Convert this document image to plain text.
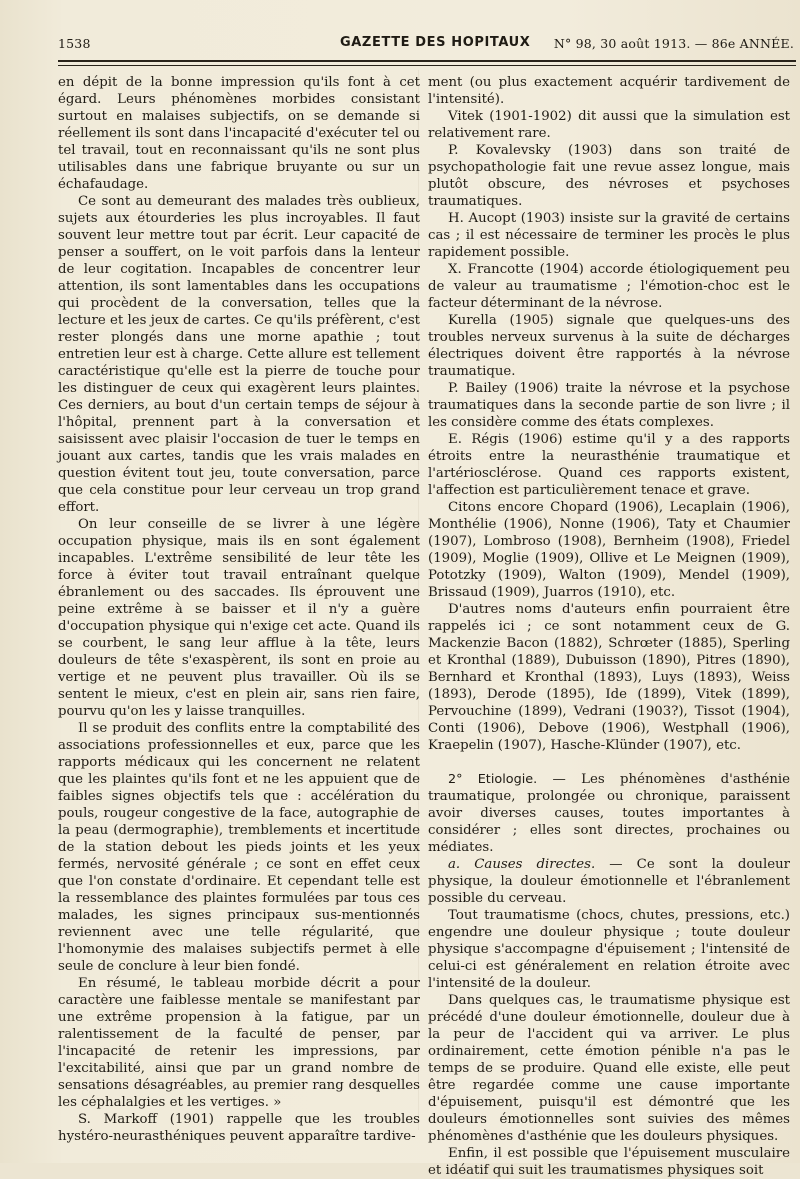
1538	GAZETTE DES HOPITAUX N° 98, 30 août 1913. — 86e ANNÉE.

en dépit de la bonne impression qu'ils font à cet égard. Leurs phénomènes morbides consistant surtout en malaises subjectifs, on se demande si réellement ils sont dans l'incapacité d'exécuter tel ou tel travail, tout en reconnaissant qu'ils ne sont plus utilisables dans une fabrique bruyante ou sur un échafaudage.

Ce sont au demeurant des malades très oublieux, sujets aux étourderies les plus incroyables. Il faut souvent leur mettre tout par écrit. Leur capacité de penser a souffert, on le voit parfois dans la lenteur de leur cogitation. Incapables de concentrer leur attention, ils sont lamentables dans les occupations qui procèdent de la conversation, telles que la lecture et les jeux de cartes. Ce qu'ils préfèrent, c'est rester plongés dans une morne apathie ; tout entretien leur est à charge. Cette allure est tellement caractéristique qu'elle est la pierre de touche pour les distinguer de ceux qui exagèrent leurs plaintes. Ces derniers, au bout d'un certain temps de séjour à l'hôpital, prennent part à la conversation et saisissent avec plaisir l'occasion de tuer le temps en jouant aux cartes, tandis que les vrais malades en question évitent tout jeu, toute conversation, parce que cela constitue pour leur cerveau un trop grand effort.

On leur conseille de se livrer à une légère occupation physique, mais ils en sont également incapables. L'extrême sensibilité de leur tête les force à éviter tout travail entraînant quelque ébranlement ou des saccades. Ils éprouvent une peine extrême à se baisser et il n'y a guère d'occupation physique qui n'exige cet acte. Quand ils se courbent, le sang leur afflue à la tête, leurs douleurs de tête s'exaspèrent, ils sont en proie au vertige et ne peuvent plus travailler. Où ils se sentent le mieux, c'est en plein air, sans rien faire, pourvu qu'on les y laisse tranquilles.

Il se produit des conflits entre la comptabilité des associations professionnelles et eux, parce que les rapports médicaux qui les concernent ne relatent que les plaintes qu'ils font et ne les appuient que de faibles signes objectifs tels que : accélération du pouls, rougeur congestive de la face, autographie de la peau (dermographie), tremblements et incertitude de la station debout les pieds joints et les yeux fermés, nervosité générale ; ce sont en effet ceux que l'on constate d'ordinaire. Et cependant telle est la ressemblance des plaintes formulées par tous ces malades, les signes principaux sus-mentionnés reviennent avec une telle régularité, que l'homonymie des malaises subjectifs permet à elle seule de conclure à leur bien fondé.

En résumé, le tableau morbide décrit a pour caractère une faiblesse mentale se manifestant par une extrême propension à la fatigue, par un ralentissement de la faculté de penser, par l'incapacité de retenir les impressions, par l'excitabilité, ainsi que par un grand nombre de sensations désagréables, au premier rang desquelles les céphalalgies et les vertiges. »

S. Markoff (1901) rappelle que les troubles hystéro-neurasthéniques peuvent apparaître tardive-

ment (ou plus exactement acquérir tardivement de l'intensité).

Vitek (1901-1902) dit aussi que la simulation est relativement rare.

P. Kovalevsky (1903) dans son traité de psychopathologie fait une revue assez longue, mais plutôt obscure, des névroses et psychoses traumatiques.

H. Aucopt (1903) insiste sur la gravité de certains cas ; il est nécessaire de terminer les procès le plus rapidement possible.

X. Francotte (1904) accorde étiologiquement peu de valeur au traumatisme ; l'émotion-choc est le facteur déterminant de la névrose.

Kurella (1905) signale que quelques-uns des troubles nerveux survenus à la suite de décharges électriques doivent être rapportés à la névrose traumatique.

P. Bailey (1906) traite la névrose et la psychose traumatiques dans la seconde partie de son livre ; il les considère comme des états complexes.

E. Régis (1906) estime qu'il y a des rapports étroits entre la neurasthénie traumatique et l'artériosclérose. Quand ces rapports existent, l'affection est particulièrement tenace et grave.

Citons encore Chopard (1906), Lecaplain (1906), Monthélie (1906), Nonne (1906), Taty et Chaumier (1907), Lombroso (1908), Bernheim (1908), Friedel (1909), Moglie (1909), Ollive et Le Meignen (1909), Pototzky (1909), Walton (1909), Mendel (1909), Brissaud (1909), Juarros (1910), etc.

D'autres noms d'auteurs enfin pourraient être rappelés ici ; ce sont notamment ceux de G. Mackenzie Bacon (1882), Schrœter (1885), Sperling et Kronthal (1889), Dubuisson (1890), Pitres (1890), Bernhard et Kronthal (1893), Luys (1893), Weiss (1893), Derode (1895), Ide (1899), Vitek (1899), Pervouchine (1899), Vedrani (1903?), Tissot (1904), Conti (1906), Debove (1906), Westphall (1906), Kraepelin (1907), Hasche-Klünder (1907), etc.

2° Etiologie. — Les phénomènes d'asthénie traumatique, prolongée ou chronique, paraissent avoir diverses causes, toutes importantes à considérer ; elles sont directes, prochaines ou médiates.

a. Causes directes. — Ce sont la douleur physique, la douleur émotionnelle et l'ébranlement possible du cerveau.

Tout traumatisme (chocs, chutes, pressions, etc.) engendre une douleur physique ; toute douleur physique s'accompagne d'épuisement ; l'intensité de celui-ci est généralement en relation étroite avec l'intensité de la douleur.

Dans quelques cas, le traumatisme physique est précédé d'une douleur émotionnelle, douleur due à la peur de l'accident qui va arriver. Le plus ordinairement, cette émotion pénible n'a pas le temps de se produire. Quand elle existe, elle peut être regardée comme une cause importante d'épuisement, puisqu'il est démontré que les douleurs émotionnelles sont suivies des mêmes phénomènes d'asthénie que les douleurs physiques.

Enfin, il est possible que l'épuisement musculaire et idéatif qui suit les traumatismes physiques soit
